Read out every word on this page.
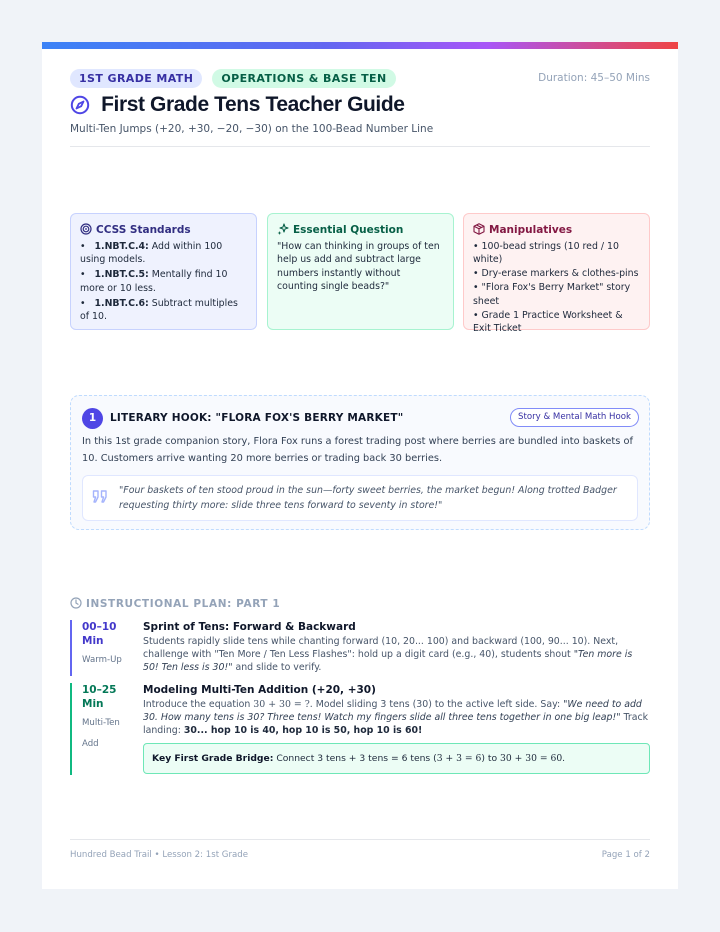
1ST GRADE MATH	OPERATIONS & BASE TEN	Duration: 45–50 Mins
First Grade Tens Teacher Guide
Multi-Ten Jumps (+20, +30, −20, −30) on the 100-Bead Number Line
CCSS Standards
•   1.NBT.C.4: Add within 100 using models.
•   1.NBT.C.5: Mentally find 10 more or 10 less.
•   1.NBT.C.6: Subtract multiples of 10.
Essential Question
"How can thinking in groups of ten help us add and subtract large numbers instantly without counting single beads?"
Manipulatives
• 100-bead strings (10 red / 10 white)
• Dry-erase markers & clothes-pins
• "Flora Fox's Berry Market" story sheet
• Grade 1 Practice Worksheet & Exit Ticket
1	LITERARY HOOK: "FLORA FOX'S BERRY MARKET"	Story & Mental Math Hook
In this 1st grade companion story, Flora Fox runs a forest trading post where berries are bundled into baskets of 10. Customers arrive wanting 20 more berries or trading back 30 berries.
"Four baskets of ten stood proud in the sun—forty sweet berries, the market begun! Along trotted Badger requesting thirty more: slide three tens forward to seventy in store!"
INSTRUCTIONAL PLAN: PART 1
00–10
Min
Warm-Up
Sprint of Tens: Forward & Backward
Students rapidly slide tens while chanting forward (10, 20... 100) and backward (100, 90... 10). Next, challenge with "Ten More / Ten Less Flashes": hold up a digit card (e.g., 40), students shout "Ten more is 50! Ten less is 30!" and slide to verify.
10–25
Min
Multi-Ten
Add
Modeling Multi-Ten Addition (+20, +30)
Introduce the equation 30 + 30 = ?. Model sliding 3 tens (30) to the active left side. Say: "We need to add 30. How many tens is 30? Three tens! Watch my fingers slide all three tens together in one big leap!" Track landing: 30... hop 10 is 40, hop 10 is 50, hop 10 is 60!
Key First Grade Bridge: Connect 3 tens + 3 tens = 6 tens (3 + 3 = 6) to 30 + 30 = 60.
Hundred Bead Trail • Lesson 2: 1st Grade	Page 1 of 2
